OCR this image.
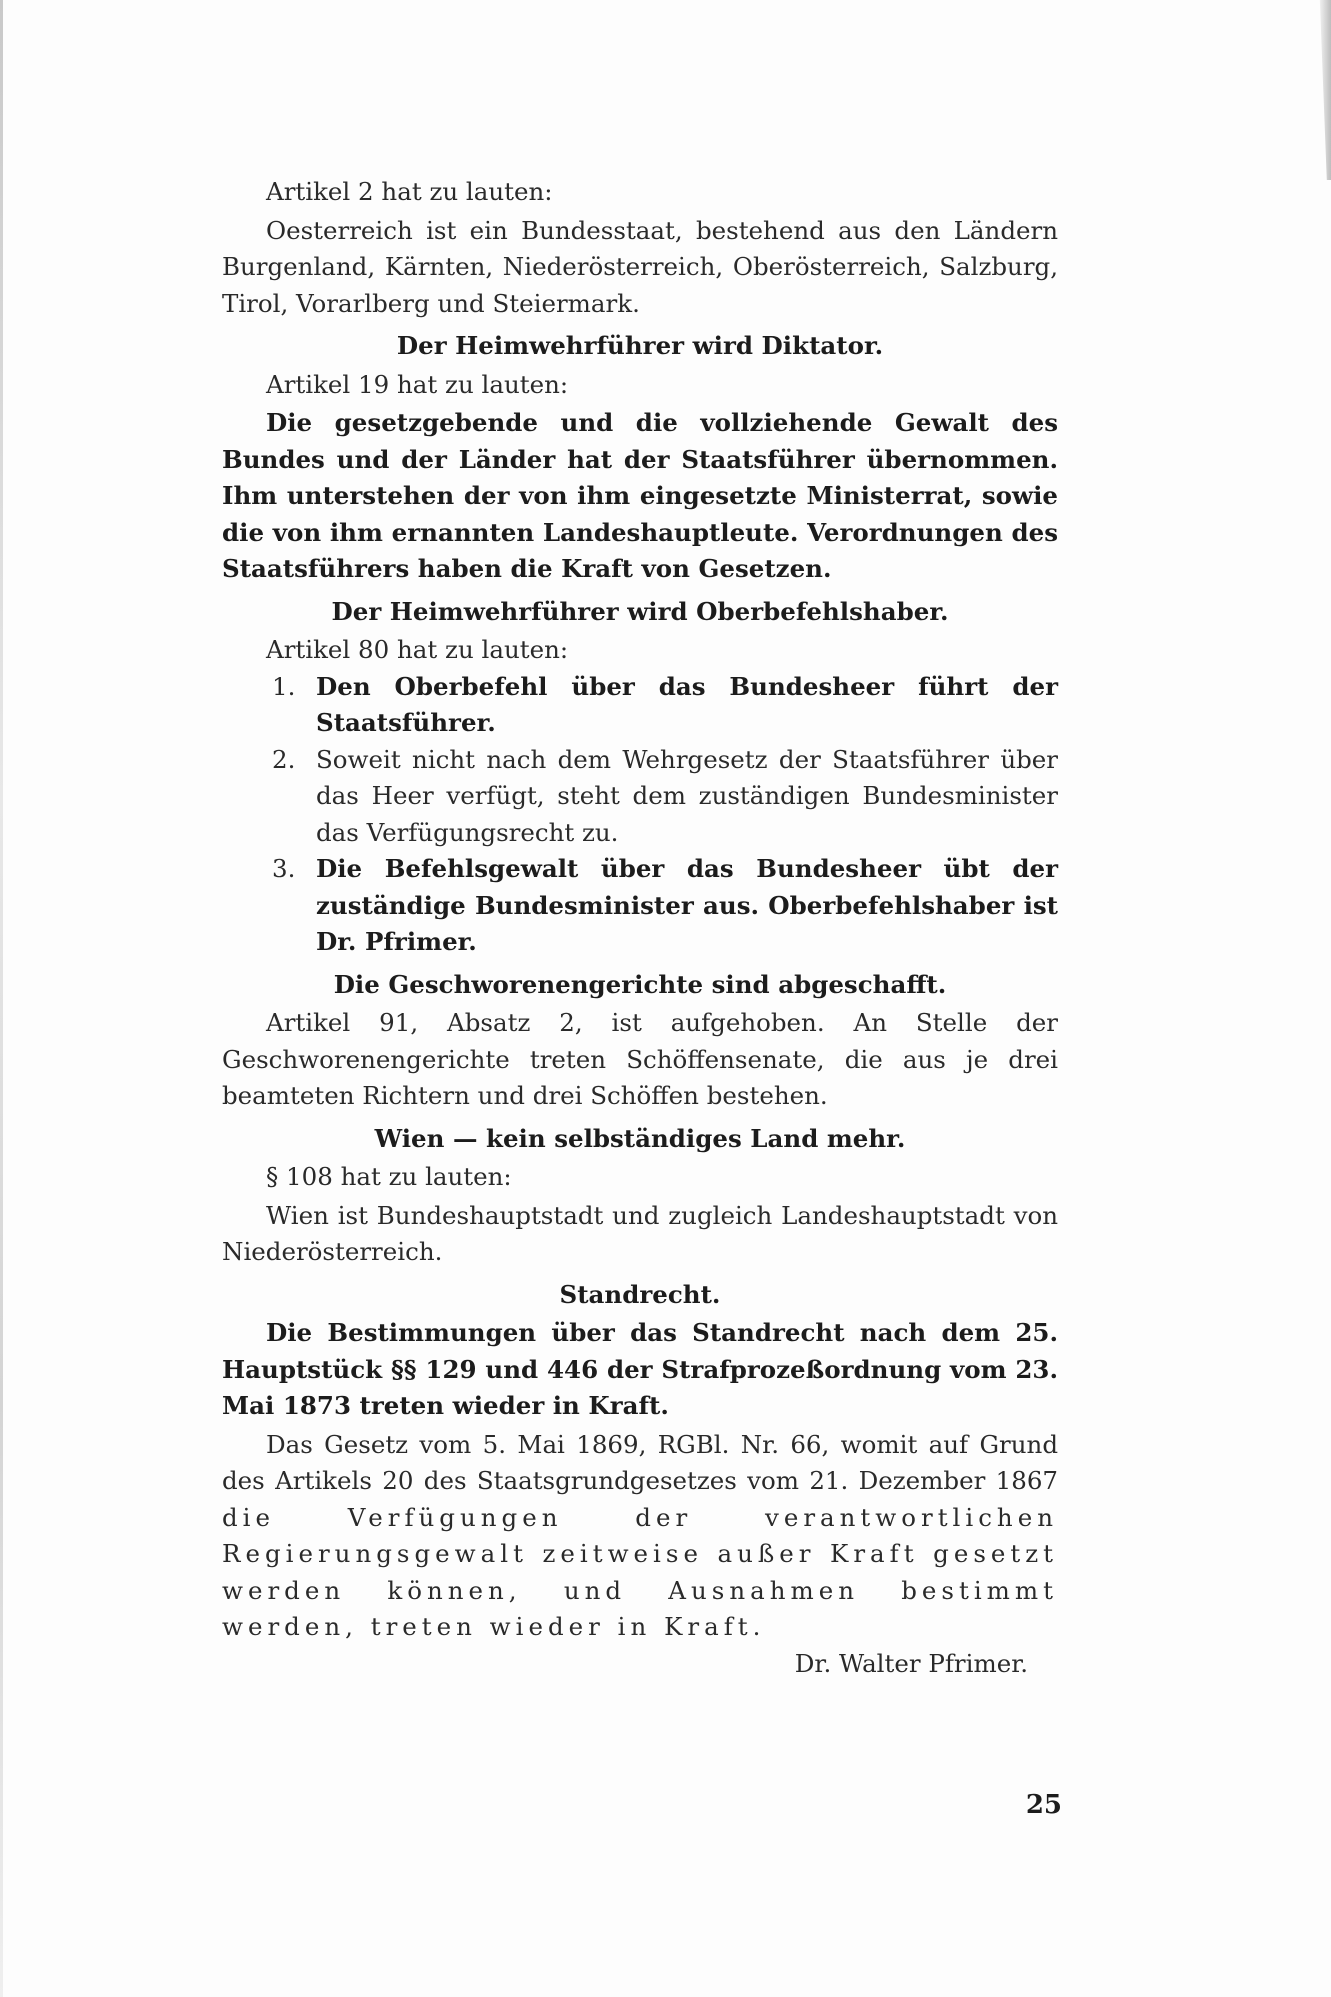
Artikel 2 hat zu lauten:

Oesterreich ist ein Bundesstaat, bestehend aus den Ländern Burgenland, Kärnten, Niederösterreich, Oberösterreich, Salzburg, Tirol, Vorarlberg und Steiermark.

Der Heimwehrführer wird Diktator.

Artikel 19 hat zu lauten:

Die gesetzgebende und die vollziehende Gewalt des Bundes und der Länder hat der Staatsführer übernommen. Ihm unterstehen der von ihm eingesetzte Ministerrat, sowie die von ihm ernannten Landeshauptleute. Verordnungen des Staatsführers haben die Kraft von Gesetzen.

Der Heimwehrführer wird Oberbefehlshaber.

Artikel 80 hat zu lauten:

1. Den Oberbefehl über das Bundesheer führt der Staatsführer.
2. Soweit nicht nach dem Wehrgesetz der Staatsführer über das Heer verfügt, steht dem zuständigen Bundesminister das Verfügungsrecht zu.
3. Die Befehlsgewalt über das Bundesheer übt der zuständige Bundesminister aus. Oberbefehlshaber ist Dr. Pfrimer.

Die Geschworenengerichte sind abgeschafft.

Artikel 91, Absatz 2, ist aufgehoben. An Stelle der Geschworenengerichte treten Schöffensenate, die aus je drei beamteten Richtern und drei Schöffen bestehen.

Wien — kein selbständiges Land mehr.

§ 108 hat zu lauten:

Wien ist Bundeshauptstadt und zugleich Landeshauptstadt von Niederösterreich.

Standrecht.

Die Bestimmungen über das Standrecht nach dem 25. Hauptstück §§ 129 und 446 der Strafprozeßordnung vom 23. Mai 1873 treten wieder in Kraft.

Das Gesetz vom 5. Mai 1869, RGBl. Nr. 66, womit auf Grund des Artikels 20 des Staatsgrundgesetzes vom 21. Dezember 1867 die Verfügungen der verantwortlichen Regierungsgewalt zeitweise außer Kraft gesetzt werden können, und Ausnahmen bestimmt werden, treten wieder in Kraft.

Dr. Walter Pfrimer.

25
